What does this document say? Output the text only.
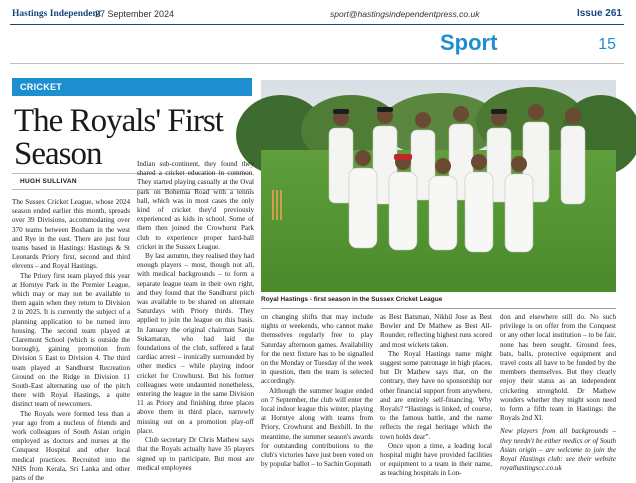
Hastings Independent
27 September 2024	sport@hastingsindependentpress.co.uk	Issue 261
Sport	15
CRICKET
The Royals' First Season
HUGH SULLIVAN
Royal Hastings - first season in the Sussex Cricket League

The Sussex Cricket League, whose 2024 season ended earlier this month, spreads over 39 Divisions, accommodating over 370 teams between Bosham in the west and Rye in the east. There are just four teams based in Hastings: Hastings & St Leonards Priory first, second and third elevens – and Royal Hastings.

The Priory first team played this year at Horntye Park in the Premier League, which may or may not be available to them again when they return to Division 2 in 2025. It is currently the subject of a planning application to be turned into housing. The second team played at Claremont School (which is outside the borough), gaining promotion from Division 5 East to Division 4. The third team played at Sandhurst Recreation Ground on the Ridge in Division 11 South-East alternating use of the pitch there with Royal Hastings, a quite distinct team of newcomers.

The Royals were formed less than a year ago from a nucleus of friends and work colleagues of South Asian origin employed as doctors and nurses at the Conquest Hospital and other local medical practices. Recruited into the NHS from Kerala, Sri Lanka and other parts of the

Indian sub-continent, they found they shared a cricket education in common. They started playing casually at the Oval park on Bohemia Road with a tennis ball, which was in most cases the only kind of cricket they'd previously experienced as kids in school. Some of them then joined the Crowhurst Park club to experience proper hard-ball cricket in the Sussex League.

By last autumn, they realised they had enough players – most, though not all, with medical backgrounds – to form a separate league team in their own right, and they found that the Sandhurst pitch was available to be shared on alternate Saturdays with Priory thirds. They applied to join the league on this basis. In January the original chairman Sanju Sukamaran, who had laid the foundations of the club, suffered a fatal cardiac arrest – ironically surrounded by other medics – while playing indoor cricket for Crowhurst. But his former colleagues were undaunted nonetheless, entering the league in the same Division 11 as Priory and finishing three places above them in third place, narrowly missing out on a promotion play-off place.

Club secretary Dr Chris Mathew says that the Royals actually have 35 players signed up to participate. But most are medical employees

on changing shifts that may include nights or weekends, who cannot make themselves regularly free to play Saturday afternoon games. Availability for the next fixture has to be signalled on the Monday or Tuesday of the week in question, then the team is selected accordingly.

Although the summer league ended on 7 September, the club will enter the local indoor league this winter, playing at Horntye along with teams from Priory, Crowhurst and Bexhill. In the meantime, the summer season's awards for outstanding contributions to the club's victories have just been voted on by popular ballot – to Sachin Gopinath

as Best Batsman, Nikhil Jose as Best Bowler and Dr Mathew as Best All-Rounder, reflecting highest runs scored and most wickets taken.

The Royal Hastings name might suggest some patronage in high places, but Dr Mathew says that, on the contrary, they have no sponsorship nor other financial support from anywhere, and are entirely self-financing. Why Royals? “Hastings is linked, of course, to the famous battle, and the name reflects the regal heritage which the town holds dear”.

Once upon a time, a leading local hospital might have provided facilities or equipment to a team in their name, as teaching hospitals in Lon-

don and elsewhere still do. No such privilege is on offer from the Conquest or any other local institution – to be fair, none has been sought. Ground fees, bats, balls, protective equipment and travel costs all have to be funded by the members themselves. But they clearly enjoy their status as an independent cricketing stronghold. Dr Mathew wonders whether they might soon need to form a fifth team in Hastings: the Royals 2nd XI.

New players from all backgrounds – they needn't be either medics or of South Asian origin – are welcome to join the Royal Hastings club: see their website royalhastingscc.co.uk
